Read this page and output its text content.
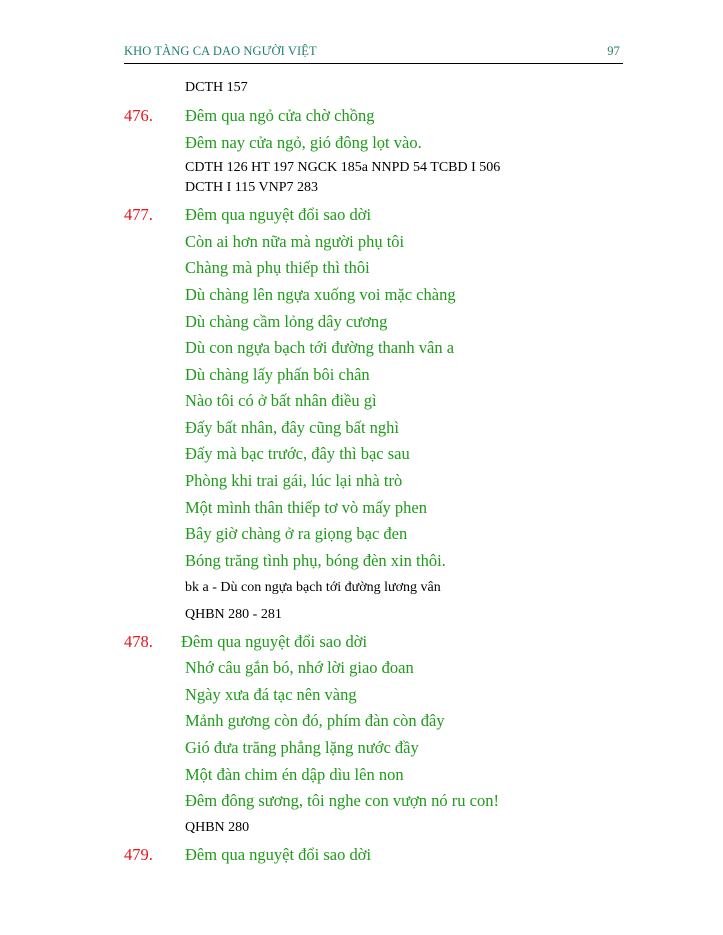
KHO TÀNG CA DAO NGƯỜI VIỆT	97
DCTH 157
476. Đêm qua ngỏ cửa chờ chồng
Đêm nay cửa ngỏ, gió đông lọt vào.
CDTH 126 HT 197 NGCK 185a NNPD 54 TCBD I 506
DCTH I 115 VNP7 283
477. Đêm qua nguyệt đổi sao dời
Còn ai hơn nữa mà người phụ tôi
Chàng mà phụ thiếp thì thôi
Dù chàng lên ngựa xuống voi mặc chàng
Dù chàng cầm lỏng dây cương
Dù con ngựa bạch tới đường thanh vân a
Dù chàng lấy phấn bôi chân
Nào tôi có ở bất nhân điều gì
Đấy bất nhân, đây cũng bất nghì
Đấy mà bạc trước, đây thì bạc sau
Phòng khi trai gái, lúc lại nhà trò
Một mình thân thiếp tơ vò mấy phen
Bây giờ chàng ở ra giọng bạc đen
Bóng trăng tình phụ, bóng đèn xin thôi.
bk a - Dù con ngựa bạch tới đường lương vân
QHBN 280 - 281
478. Đêm qua nguyệt đổi sao dời
Nhớ câu gắn bó, nhớ lời giao đoan
Ngày xưa đá tạc nên vàng
Mảnh gương còn đó, phím đàn còn đây
Gió đưa trăng phẳng lặng nước đầy
Một đàn chim én dập dìu lên non
Đêm đông sương, tôi nghe con vượn nó ru con!
QHBN 280
479. Đêm qua nguyệt đổi sao dời
